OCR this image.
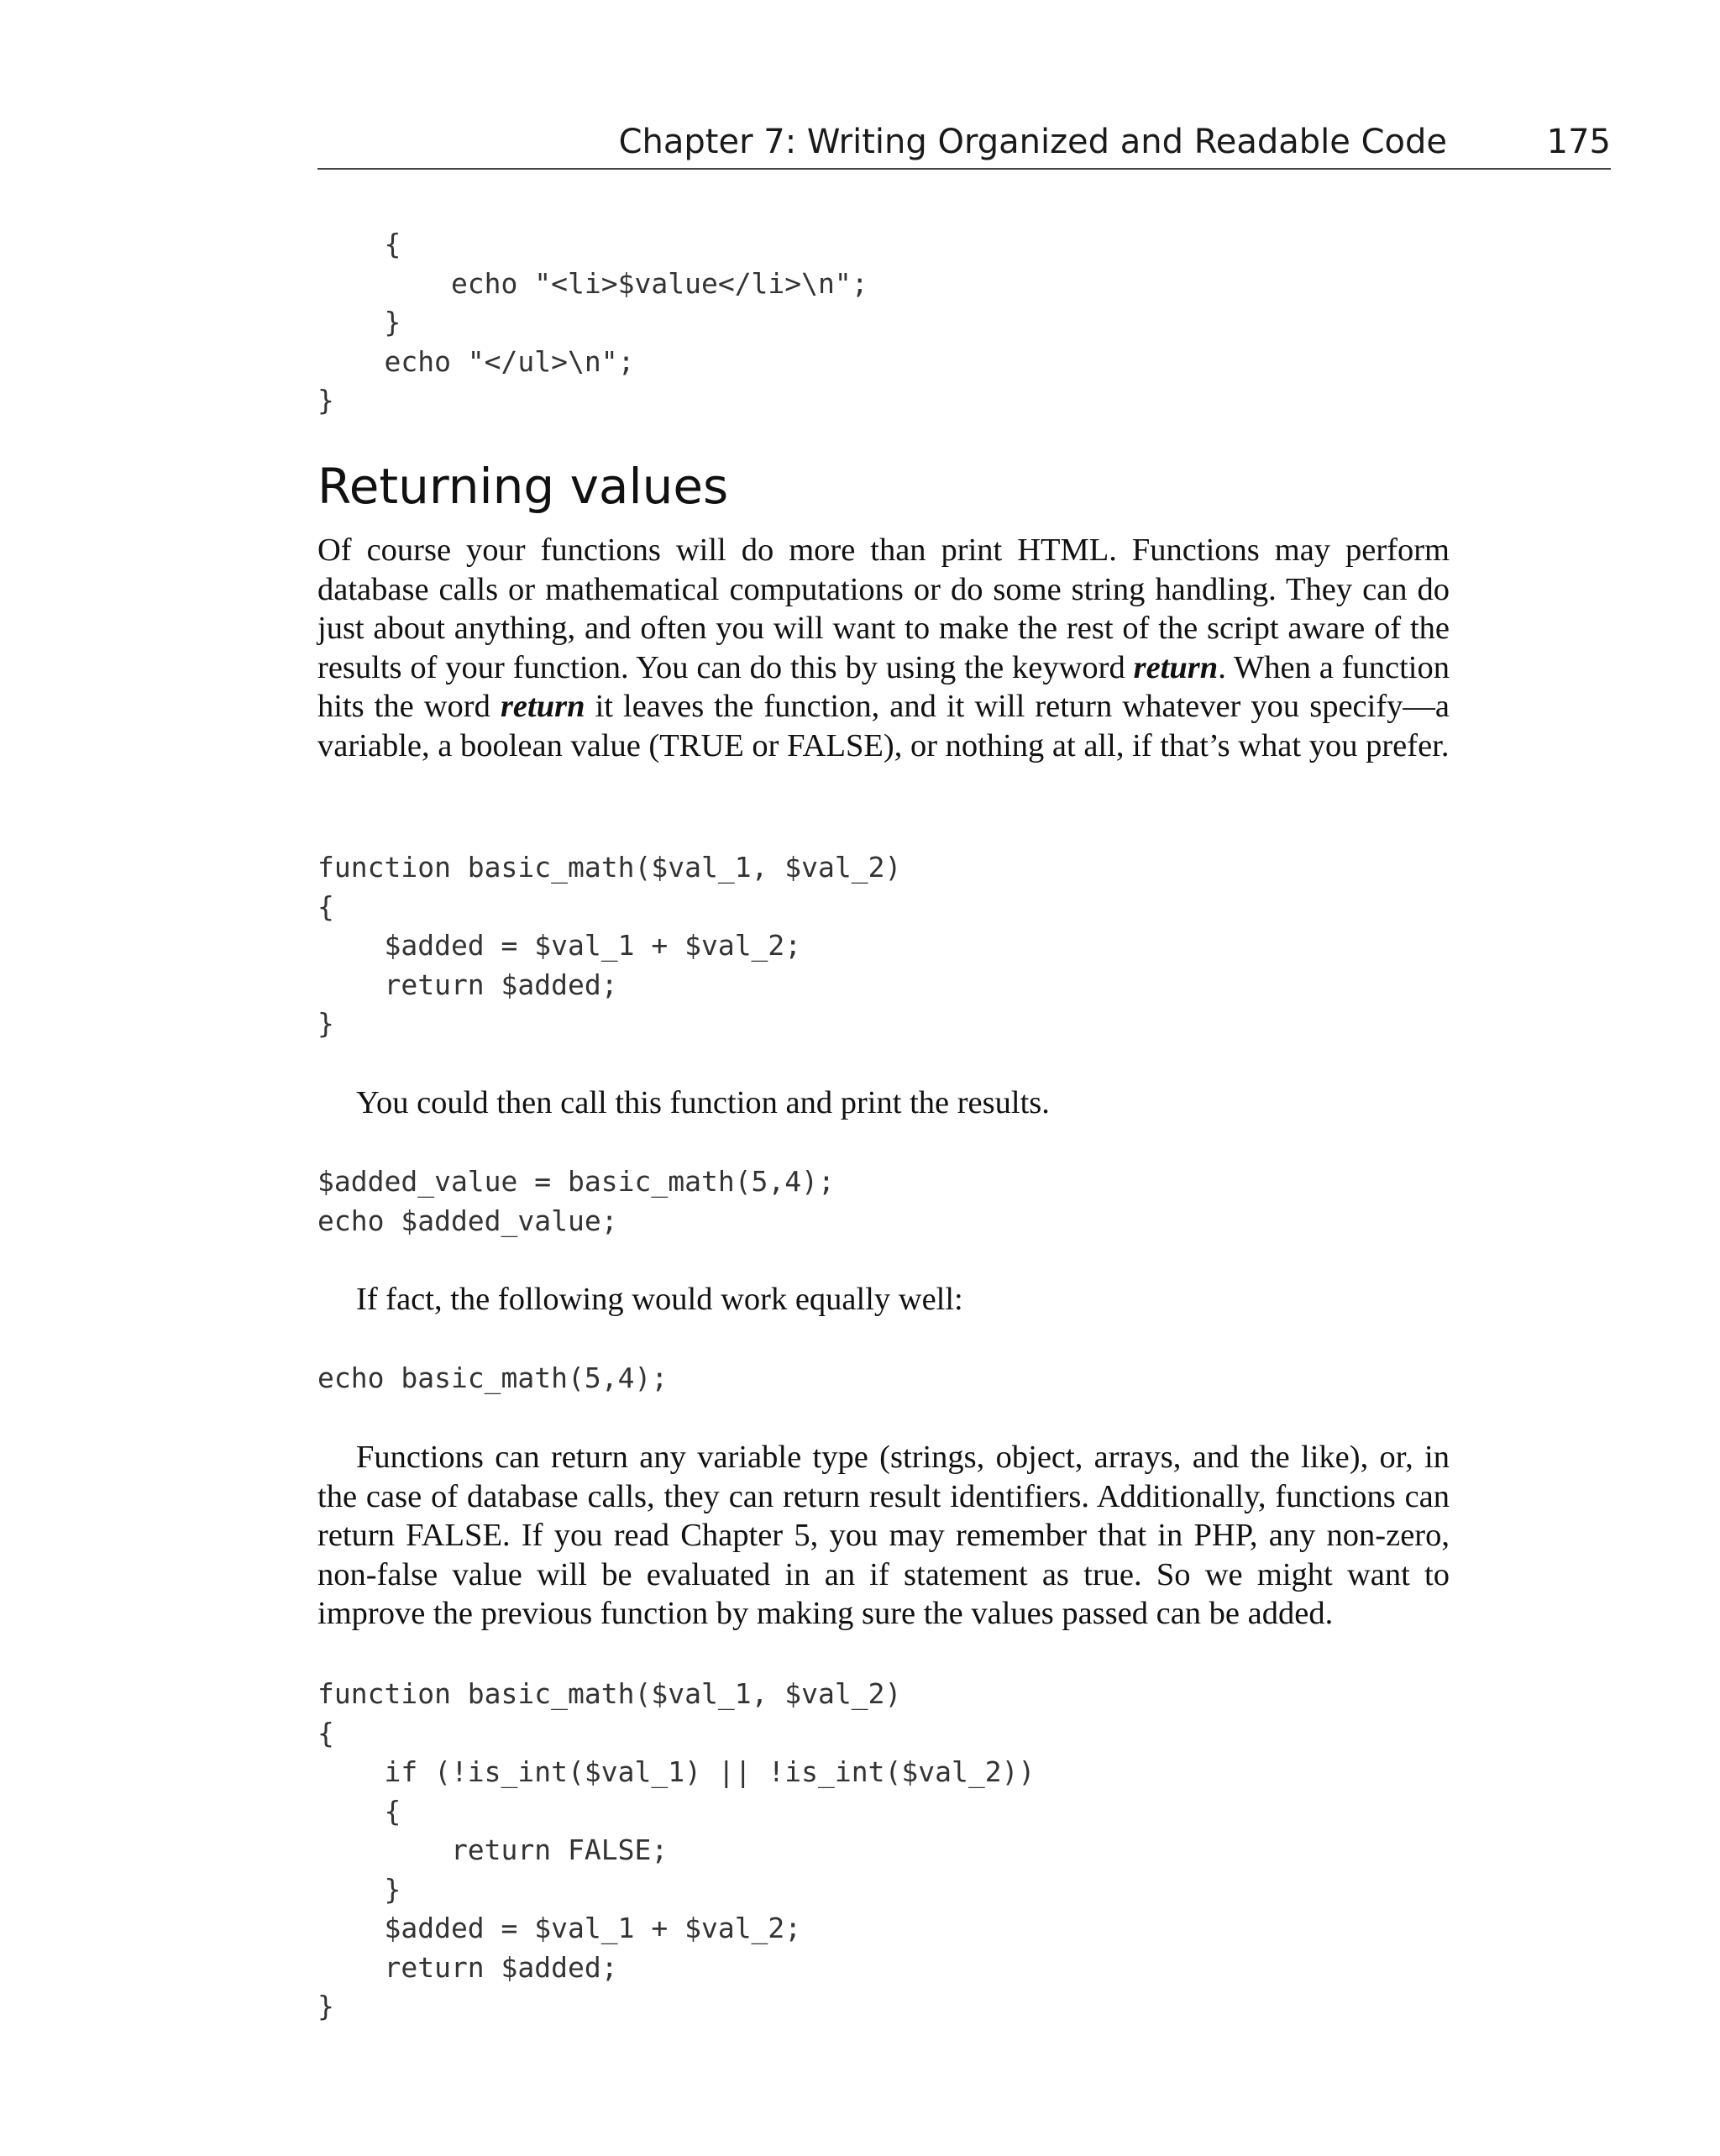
Chapter 7: Writing Organized and Readable Code	175
{
echo "<li>$value</li>\n";
}
echo "</ul>\n";
}
Returning values

Of course your functions will do more than print HTML. Functions may perform database calls or mathematical computations or do some string handling. They can do just about anything, and often you will want to make the rest of the script aware of the results of your function. You can do this by using the keyword return. When a function hits the word return it leaves the function, and it will return whatever you specify—a variable, a boolean value (TRUE or FALSE), or nothing at all, if that’s what you prefer.

function basic_math($val_1, $val_2)
{
$added = $val_1 + $val_2;
return $added;
}

You could then call this function and print the results.

$added_value = basic_math(5,4);
echo $added_value;

If fact, the following would work equally well:

echo basic_math(5,4);

Functions can return any variable type (strings, object, arrays, and the like), or, in the case of database calls, they can return result identifiers. Additionally, functions can return FALSE. If you read Chapter 5, you may remember that in PHP, any non-zero, non-false value will be evaluated in an if statement as true. So we might want to improve the previous function by making sure the values passed can be added.

function basic_math($val_1, $val_2)
{
if (!is_int($val_1) || !is_int($val_2))
{
return FALSE;
}
$added = $val_1 + $val_2;
return $added;
}
